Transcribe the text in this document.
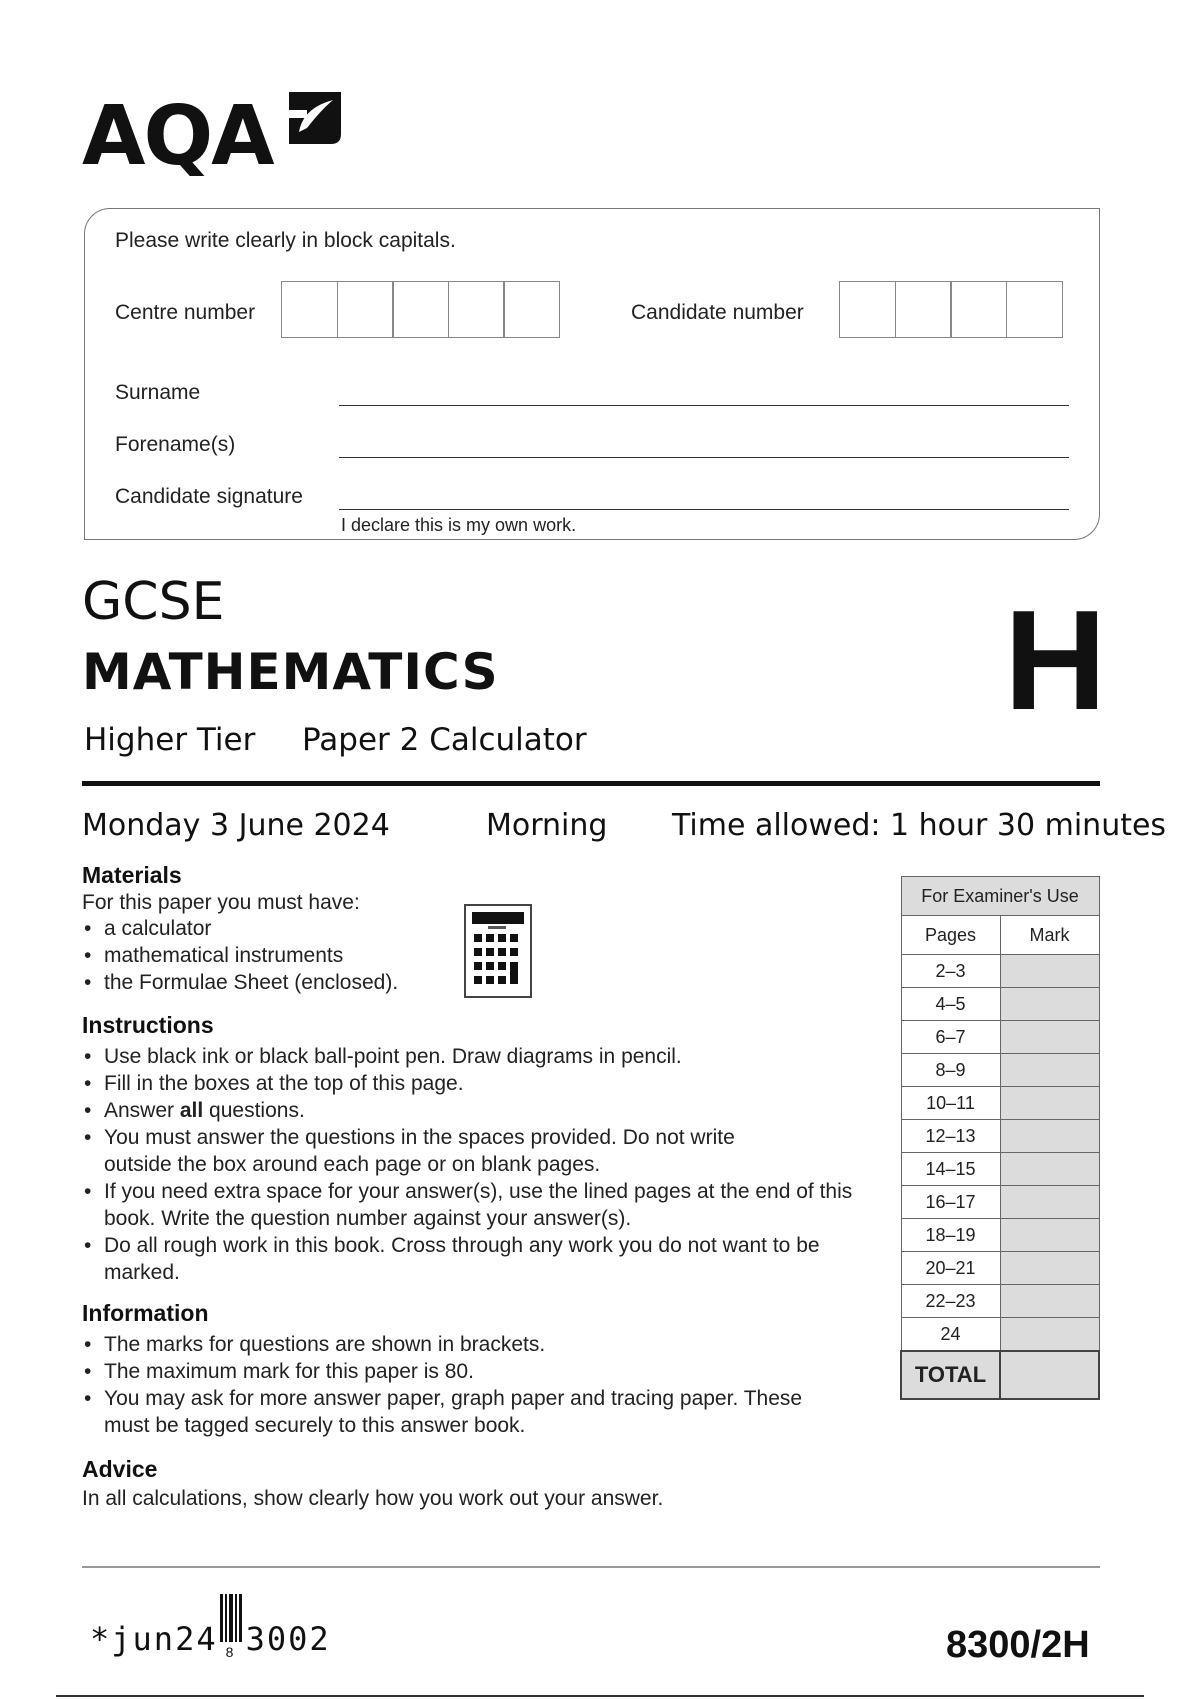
AQA
Please write clearly in block capitals.
Centre number	Candidate number
Surname
Forename(s)
Candidate signature
I declare this is my own work.
GCSE
MATHEMATICS
Higher Tier Paper 2 Calculator	H
Monday 3 June 2024	Morning Time allowed: 1 hour 30 minutes
Materials
For this paper you must have:
• a calculator
• mathematical instruments
• the Formulae Sheet (enclosed).
Instructions
• Use black ink or black ball-point pen. Draw diagrams in pencil.
• Fill in the boxes at the top of this page.
• Answer all questions.
• You must answer the questions in the spaces provided. Do not write outside the box around each page or on blank pages.
• If you need extra space for your answer(s), use the lined pages at the end of this book. Write the question number against your answer(s).
• Do all rough work in this book. Cross through any work you do not want to be marked.
Information
• The marks for questions are shown in brackets.
• The maximum mark for this paper is 80.
• You may ask for more answer paper, graph paper and tracing paper. These must be tagged securely to this answer book.
Advice
In all calculations, show clearly how you work out your answer.
For Examiner's Use	
Pages	Mark
2–3	
4–5	
6–7	
8–9	
10–11	
12–13	
14–15	
16–17	
18–19	
20–21	
22–23	
24	
TOTAL	
*jun24 8 3002	8300/2H
